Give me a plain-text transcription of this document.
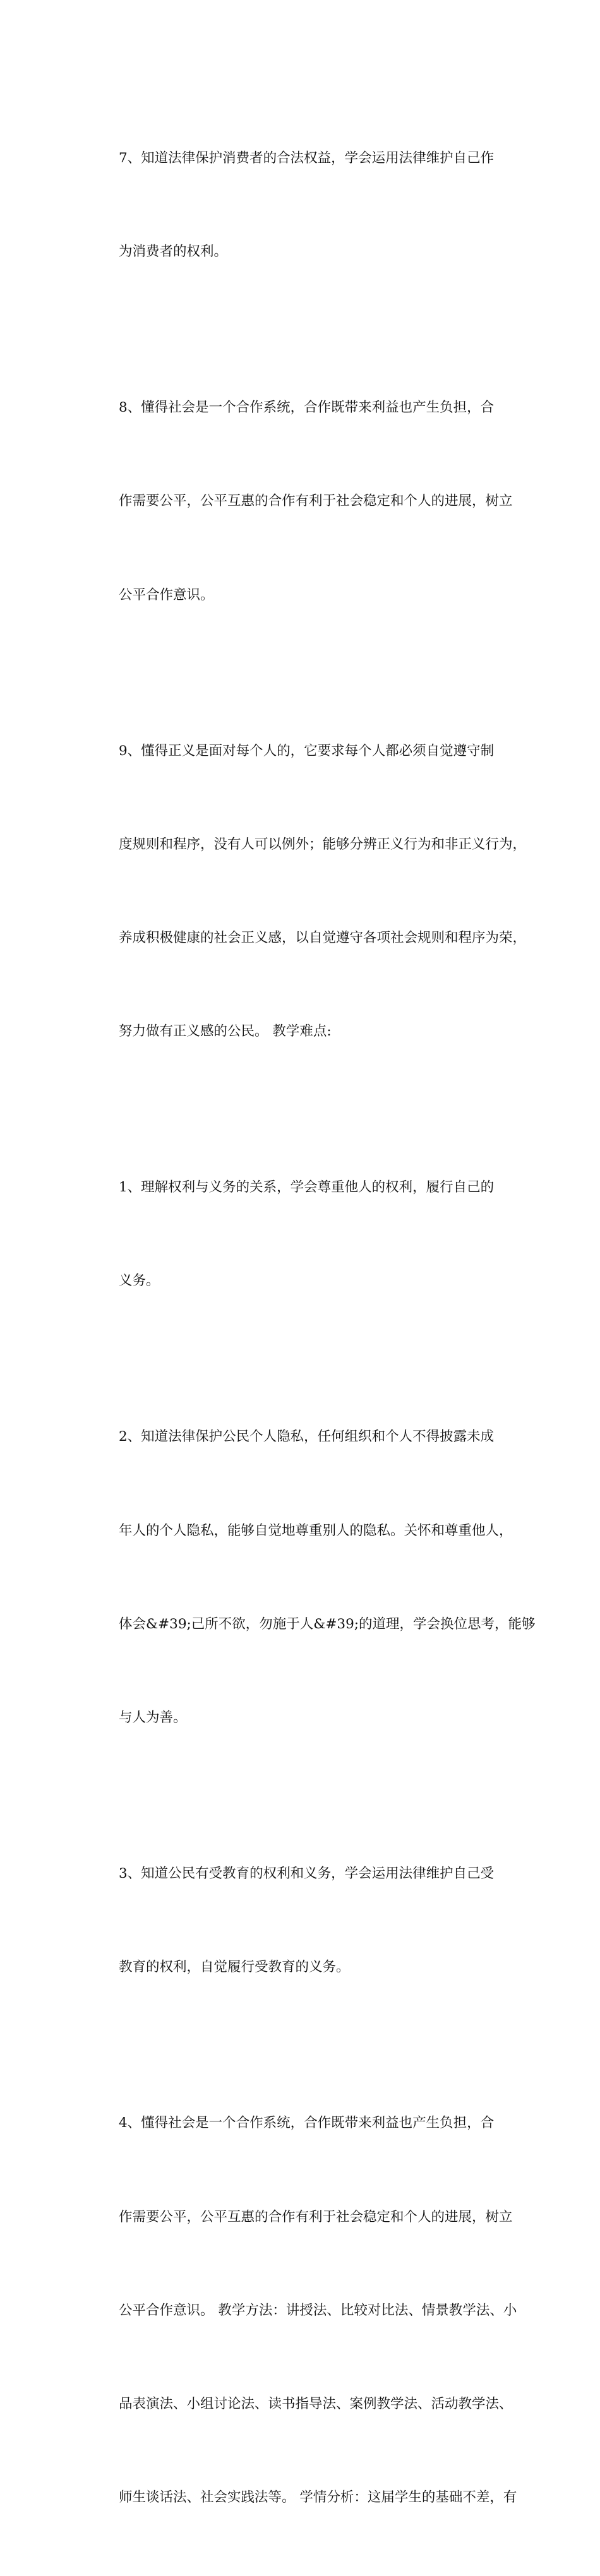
7、知道法律保护消费者的合法权益，学会运用法律维护自己作

为消费者的权利。

8、懂得社会是一个合作系统，合作既带来利益也产生负担，合

作需要公平，公平互惠的合作有利于社会稳定和个人的进展，树立

公平合作意识。

9、懂得正义是面对每个人的，它要求每个人都必须自觉遵守制

度规则和程序，没有人可以例外；能够分辨正义行为和非正义行为，

养成积极健康的社会正义感，以自觉遵守各项社会规则和程序为荣，

努力做有正义感的公民。 教学难点:

1、理解权利与义务的关系，学会尊重他人的权利，履行自己的

义务。

2、知道法律保护公民个人隐私，任何组织和个人不得披露未成

年人的个人隐私，能够自觉地尊重别人的隐私。关怀和尊重他人，

体会&#39;己所不欲，勿施于人&#39;的道理，学会换位思考，能够

与人为善。

3、知道公民有受教育的权利和义务，学会运用法律维护自己受

教育的权利，自觉履行受教育的义务。

4、懂得社会是一个合作系统，合作既带来利益也产生负担，合

作需要公平，公平互惠的合作有利于社会稳定和个人的进展，树立

公平合作意识。 教学方法：讲授法、比较对比法、情景教学法、小

品表演法、小组讨论法、读书指导法、案例教学法、活动教学法、

师生谈话法、社会实践法等。 学情分析：这届学生的基础不差，有
